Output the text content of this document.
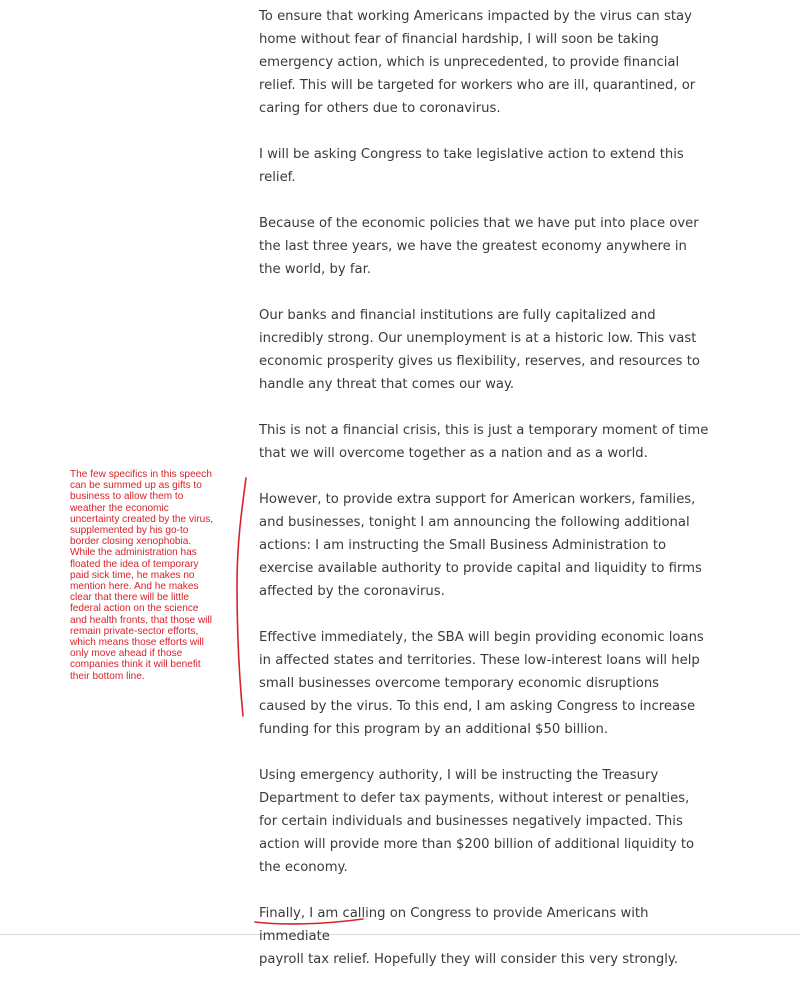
To ensure that working Americans impacted by the virus can stay home without fear of financial hardship, I will soon be taking emergency action, which is unprecedented, to provide financial relief. This will be targeted for workers who are ill, quarantined, or caring for others due to coronavirus.

I will be asking Congress to take legislative action to extend this relief.

Because of the economic policies that we have put into place over the last three years, we have the greatest economy anywhere in the world, by far.

Our banks and financial institutions are fully capitalized and incredibly strong. Our unemployment is at a historic low. This vast economic prosperity gives us flexibility, reserves, and resources to handle any threat that comes our way.

This is not a financial crisis, this is just a temporary moment of time that we will overcome together as a nation and as a world.

However, to provide extra support for American workers, families, and businesses, tonight I am announcing the following additional actions: I am instructing the Small Business Administration to exercise available authority to provide capital and liquidity to firms affected by the coronavirus.

Effective immediately, the SBA will begin providing economic loans in affected states and territories. These low-interest loans will help small businesses overcome temporary economic disruptions caused by the virus. To this end, I am asking Congress to increase funding for this program by an additional $50 billion.

Using emergency authority, I will be instructing the Treasury Department to defer tax payments, without interest or penalties, for certain individuals and businesses negatively impacted. This action will provide more than $200 billion of additional liquidity to the economy.

Finally, I am calling on Congress to provide Americans with immediate
payroll tax relief. Hopefully they will consider this very strongly.

The few specifics in this speech can be summed up as gifts to business to allow them to weather the economic uncertainty created by the virus, supplemented by his go-to border closing xenophobia. While the administration has floated the idea of temporary paid sick time, he makes no mention here. And he makes clear that there will be little federal action on the science and health fronts, that those will remain private-sector efforts, which means those efforts will only move ahead if those companies think it will benefit their bottom line.
